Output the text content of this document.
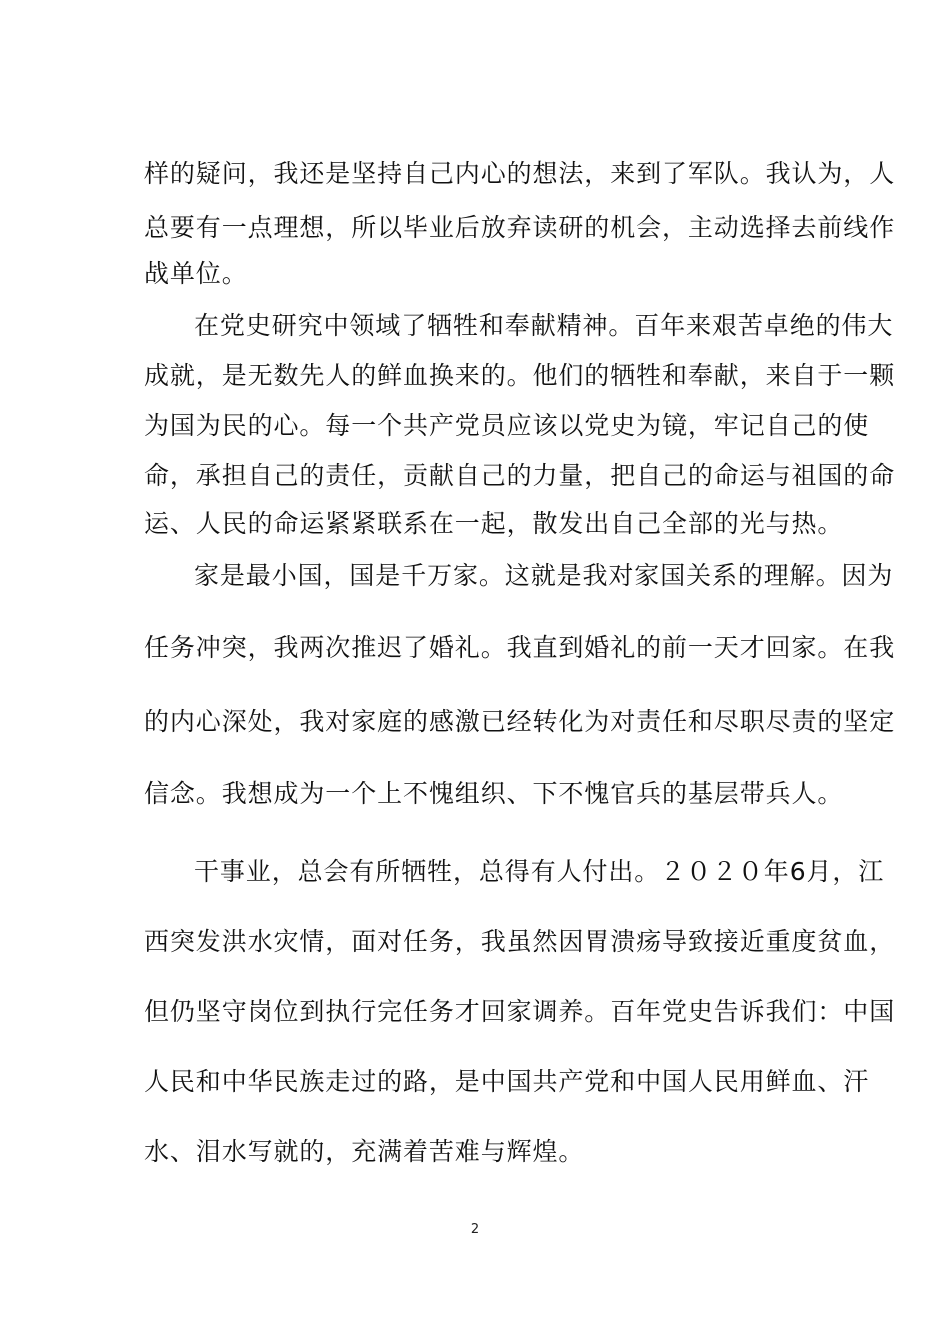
样的疑问，我还是坚持自己内心的想法，来到了军队。我认为，人
总要有一点理想，所以毕业后放弃读研的机会，主动选择去前线作
战单位。
在党史研究中领域了牺牲和奉献精神。百年来艰苦卓绝的伟大
成就，是无数先人的鲜血换来的。他们的牺牲和奉献，来自于一颗
为国为民的心。每一个共产党员应该以党史为镜，牢记自己的使
命，承担自己的责任，贡献自己的力量，把自己的命运与祖国的命
运、人民的命运紧紧联系在一起，散发出自己全部的光与热。
家是最小国，国是千万家。这就是我对家国关系的理解。因为
任务冲突，我两次推迟了婚礼。我直到婚礼的前一天才回家。在我
的内心深处，我对家庭的感激已经转化为对责任和尽职尽责的坚定
信念。我想成为一个上不愧组织、下不愧官兵的基层带兵人。
干事业，总会有所牺牲，总得有人付出。２０２０年6月，江
西突发洪水灾情，面对任务，我虽然因胃溃疡导致接近重度贫血，
但仍坚守岗位到执行完任务才回家调养。百年党史告诉我们：中国
人民和中华民族走过的路，是中国共产党和中国人民用鲜血、汗
水、泪水写就的，充满着苦难与辉煌。
2
